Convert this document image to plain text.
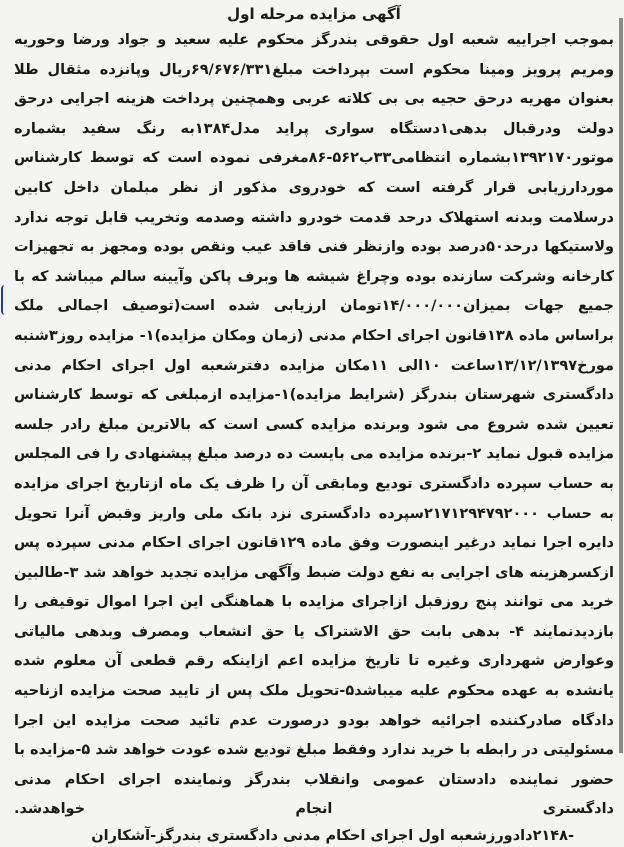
آگهی مزایده مرحله اول

بموجب اجراییه شعبه اول حقوقی بندرگز محکوم علیه سعید و جواد ورضا وحوریه ومریم پرویز ومینا محکوم است بپرداخت مبلغ۶۹/۶۷۶/۳۳۱ریال وپانزده مثقال طلا بعنوان مهریه درحق حجیه بی بی کلاته عربی وهمچنین پرداخت هزینه اجرایی درحق دولت ودرقبال بدهی۱دستگاه سواری پراید مدل۱۳۸۴به رنگ سفید بشماره موتور۱۳۹۲۱۷۰بشماره انتظامی۳۳ب۵۶۲-۸۶مغرفی نموده است که توسط کارشناس موردارزیابی قرار گرفته است که خودروی مذکور از نظر مبلمان داخل کابین درسلامت وبدنه استهلاک درحد قدمت خودرو داشته وصدمه وتخریب قابل توجه ندارد ولاستیکها درحد۵۰درصد بوده وازنظر فنی فاقد عیب ونقص بوده ومجهز به تجهیزات کارخانه وشرکت سازنده بوده وچراغ شیشه ها وبرف پاکن وآیینه سالم میباشد که با جمیع جهات بمیزان۱۴/۰۰۰/۰۰۰تومان ارزیابی شده است(توصیف اجمالی ملک براساس ماده ۱۳۸قانون اجرای احکام مدنی (زمان ومکان مزایده)۱- مزایده روز۳شنبه مورخ۱۳/۱۲/۱۳۹۷ساعت ۱۰الی ۱۱مکان مزایده دفترشعبه اول اجرای احکام مدنی دادگستری شهرستان بندرگز (شرایط مزایده)۱-مزایده ازمبلغی که توسط کارشناس تعیین شده شروع می شود وبرنده مزایده کسی است که بالاترین مبلغ رادر جلسه مزایده قبول نماید ۲-برنده مزایده می بایست ده درصد مبلغ پیشنهادی را فی المجلس به حساب سپرده دادگستری تودیع ومابقی آن را ظرف یک ماه ازتاریخ اجرای مزایده به حساب ۲۱۷۱۲۹۴۷۹۲۰۰۰سپرده دادگستری نزد بانک ملی واریز وقبض آنرا تحویل دایره اجرا نماید درغیر اینصورت وفق ماده ۱۲۹قانون اجرای احکام مدنی سپرده پس ازکسرهزینه های اجرایی به نفع دولت ضبط وآگهی مزایده تجدید خواهد شد ۳-طالبین خرید می توانند پنج روزقبل ازاجرای مزایده با هماهنگی این اجرا اموال توقیفی را بازدیدنمایند ۴- بدهی بابت حق الاشتراک یا حق انشعاب ومصرف وبدهی مالیاتی وعوارض شهرداری وغیره تا تاریخ مزایده اعم ازاینکه رقم قطعی آن معلوم شده یانشده به عهده محکوم علیه میباشد۵-تحویل ملک پس از تایید صحت مزایده ازناحیه دادگاه صادرکننده اجرائیه خواهد بودو درصورت عدم تائید صحت مزایده این اجرا مسئولیتی در رابطه با خرید ندارد وفقط مبلغ تودیع شده عودت خواهد شد ۵-مزایده با حضور نماینده دادستان عمومی وانقلاب بندرگز ونماینده اجرای احکام مدنی دادگستری انجام خواهدشد.

-۲۱۴۸دادورزشعبه اول اجرای احکام مدنی دادگستری بندرگز-آشکاران
